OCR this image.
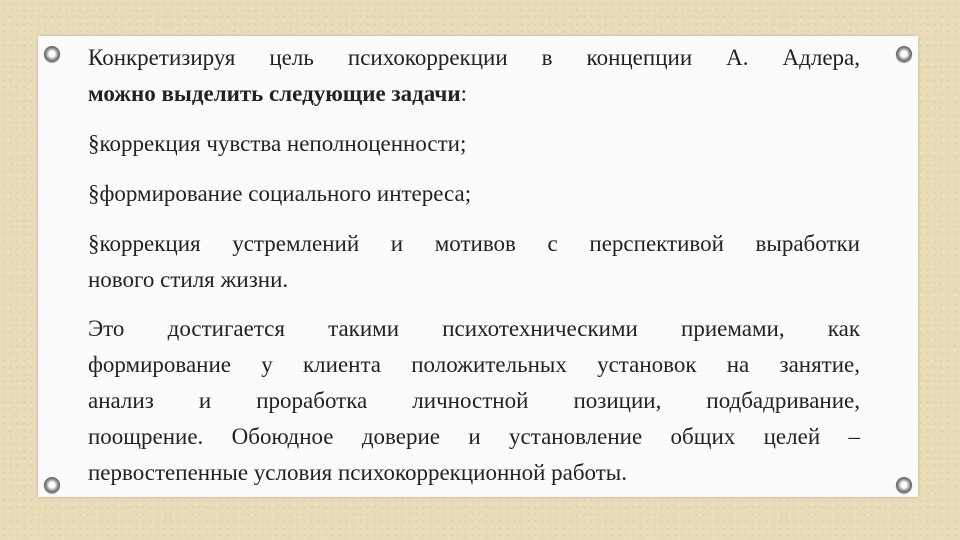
Конкретизируя цель психокоррекции в концепции А. Адлера,

можно выделить следующие задачи:

§коррекция чувства неполноценности;

§формирование социального интереса;

§коррекция устремлений и мотивов с перспективой выработки

нового стиля жизни.

Это достигается такими психотехническими приемами, как

формирование у клиента положительных установок на занятие,

анализ и проработка личностной позиции, подбадривание,

поощрение. Обоюдное доверие и установление общих целей –

первостепенные условия психокоррекционной работы.
